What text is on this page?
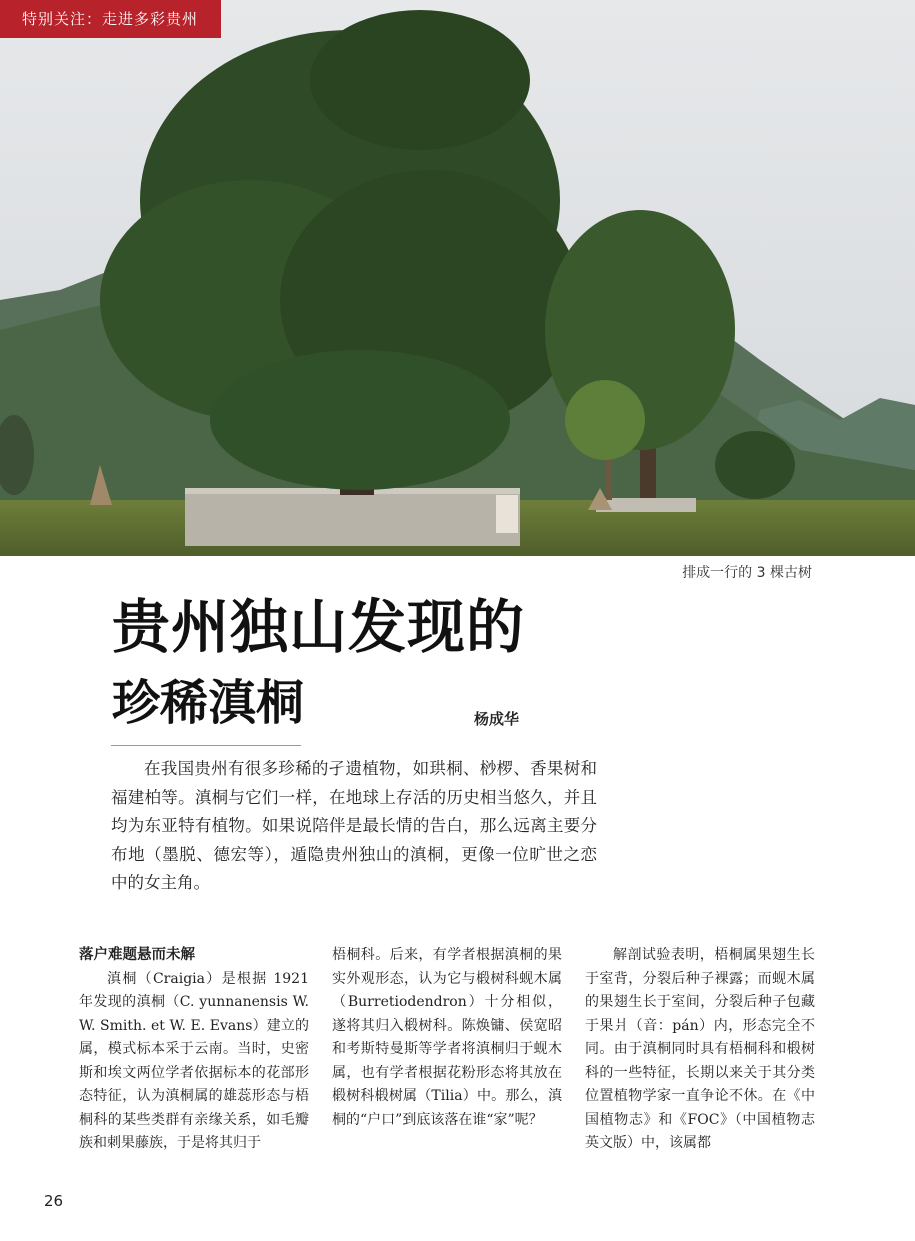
特别关注：走进多彩贵州
排成一行的 3 棵古树
贵州独山发现的
珍稀滇桐	杨成华

在我国贵州有很多珍稀的孑遗植物，如珙桐、桫椤、香果树和福建柏等。滇桐与它们一样，在地球上存活的历史相当悠久，并且均为东亚特有植物。如果说陪伴是最长情的告白，那么远离主要分布地（墨脱、德宏等），遁隐贵州独山的滇桐，更像一位旷世之恋中的女主角。

落户难题悬而未解

滇桐（Craigia）是根据 1921 年发现的滇桐（C. yunnanensis W. W. Smith. et W. E. Evans）建立的属，模式标本采于云南。当时，史密斯和埃文两位学者依据标本的花部形态特征，认为滇桐属的雄蕊形态与梧桐科的某些类群有亲缘关系，如毛瓣族和刺果藤族，于是将其归于

梧桐科。后来，有学者根据滇桐的果实外观形态，认为它与椴树科蚬木属（Burretiodendron）十分相似，遂将其归入椴树科。陈焕镛、侯宽昭和考斯特曼斯等学者将滇桐归于蚬木属，也有学者根据花粉形态将其放在椴树科椴树属（Tilia）中。那么，滇桐的“户口”到底该落在谁“家”呢？

解剖试验表明，梧桐属果翅生长于室背，分裂后种子裸露；而蚬木属的果翅生长于室间，分裂后种子包藏于果爿（音：pán）内，形态完全不同。由于滇桐同时具有梧桐科和椴树科的一些特征，长期以来关于其分类位置植物学家一直争论不休。在《中国植物志》和《FOC》（中国植物志英文版）中，该属都

26
